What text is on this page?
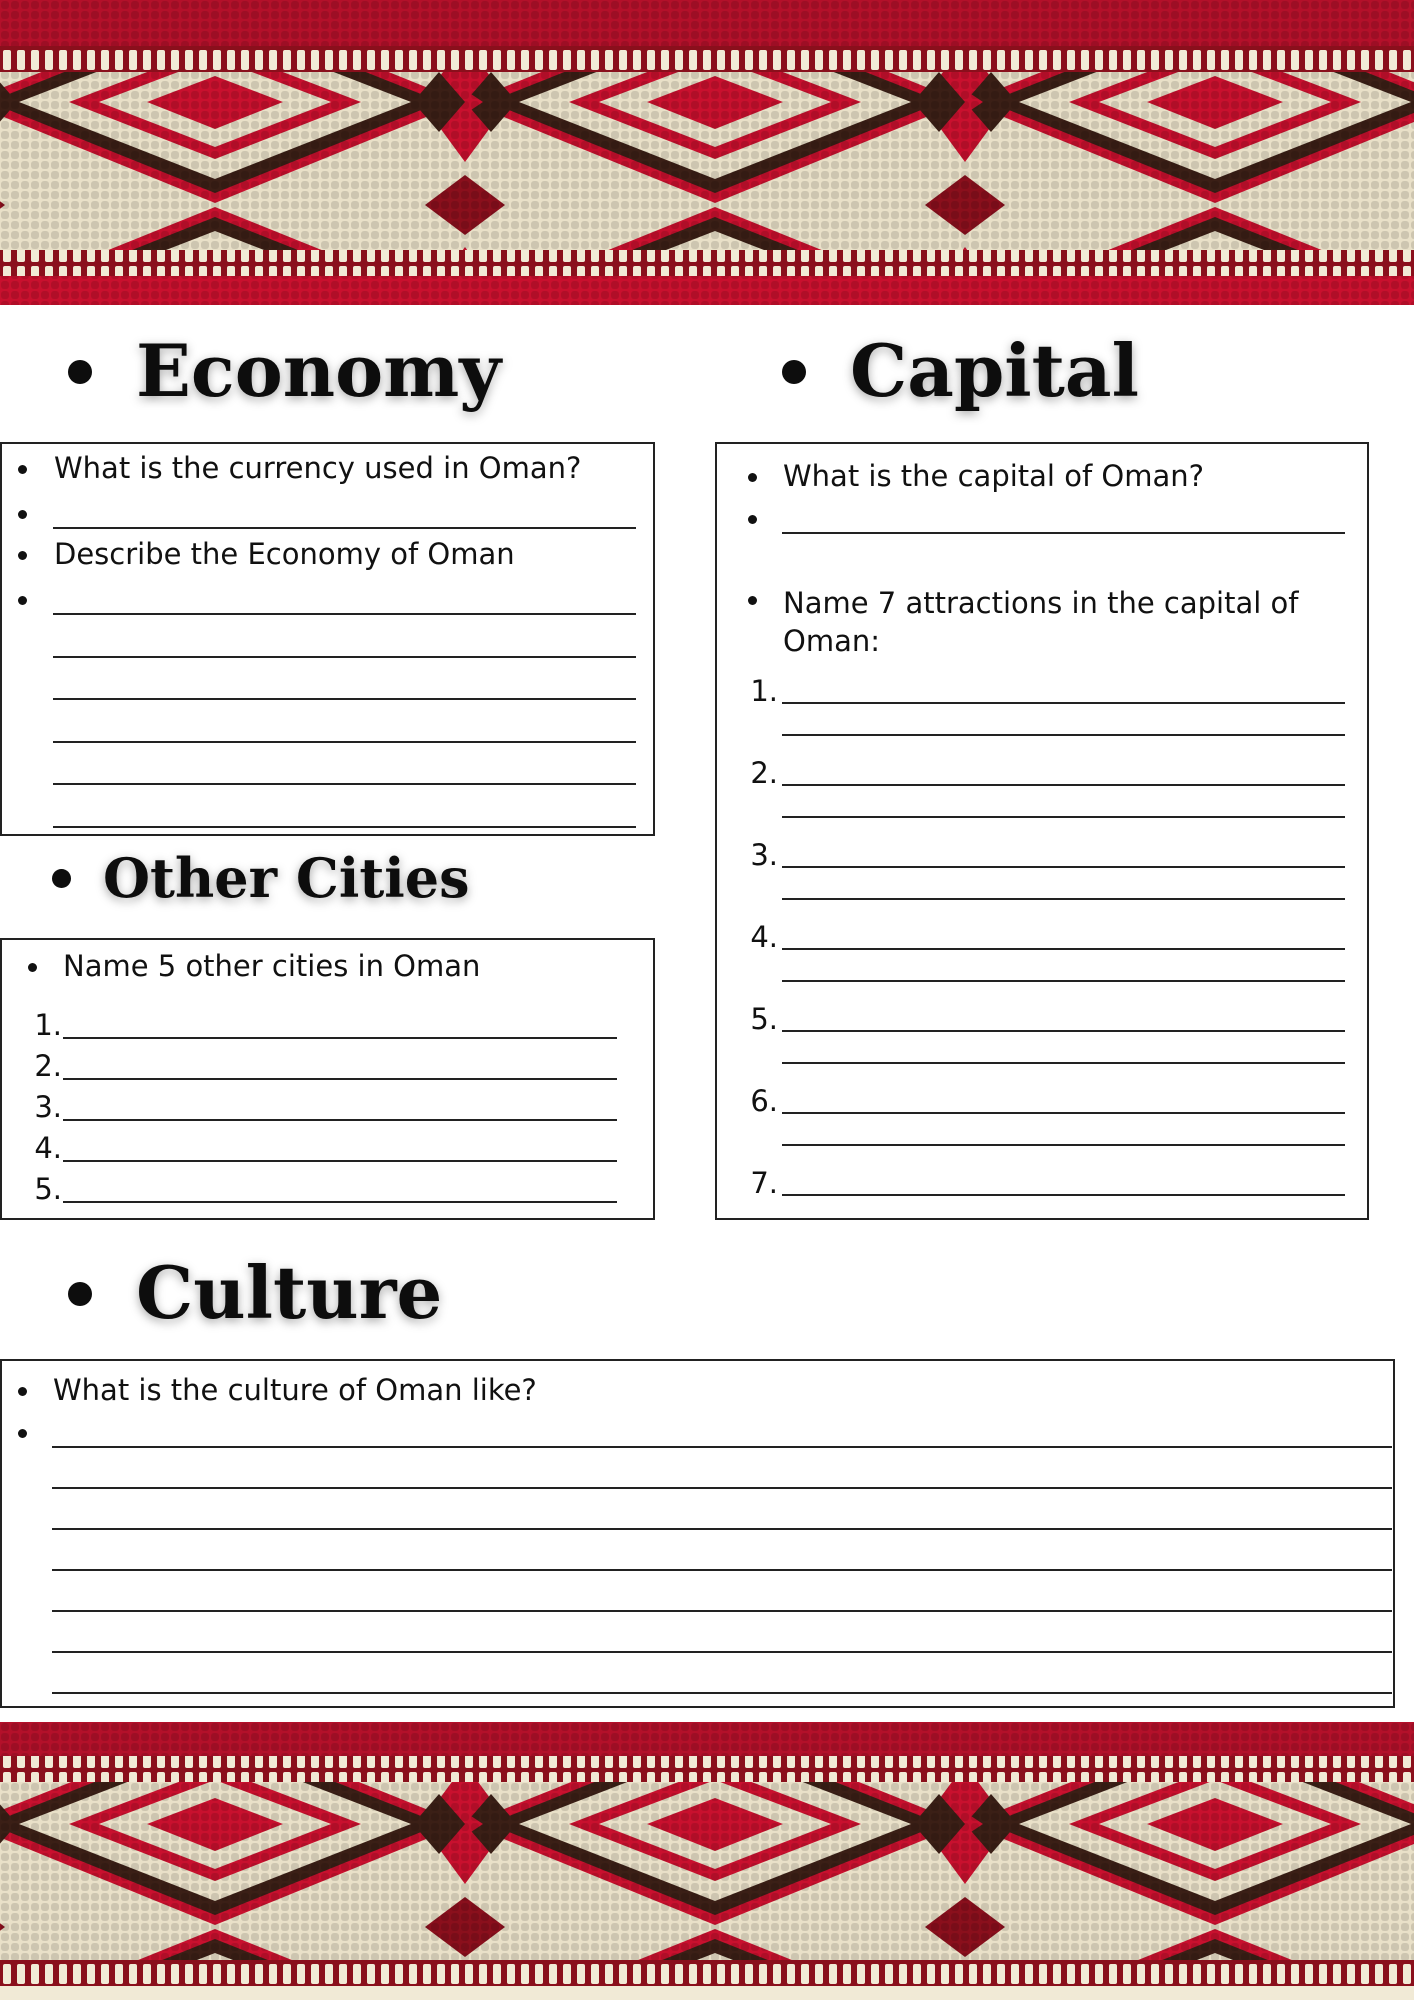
Economy
What is the currency used in Oman?
Describe the Economy of Oman
Capital
What is the capital of Oman?
Name 7 attractions in the capital of Oman:
1.
2.
3.
4.
5.
6.
7.
Other Cities
Name 5 other cities in Oman
1.
2.
3.
4.
5.
Culture
What is the culture of Oman like?
